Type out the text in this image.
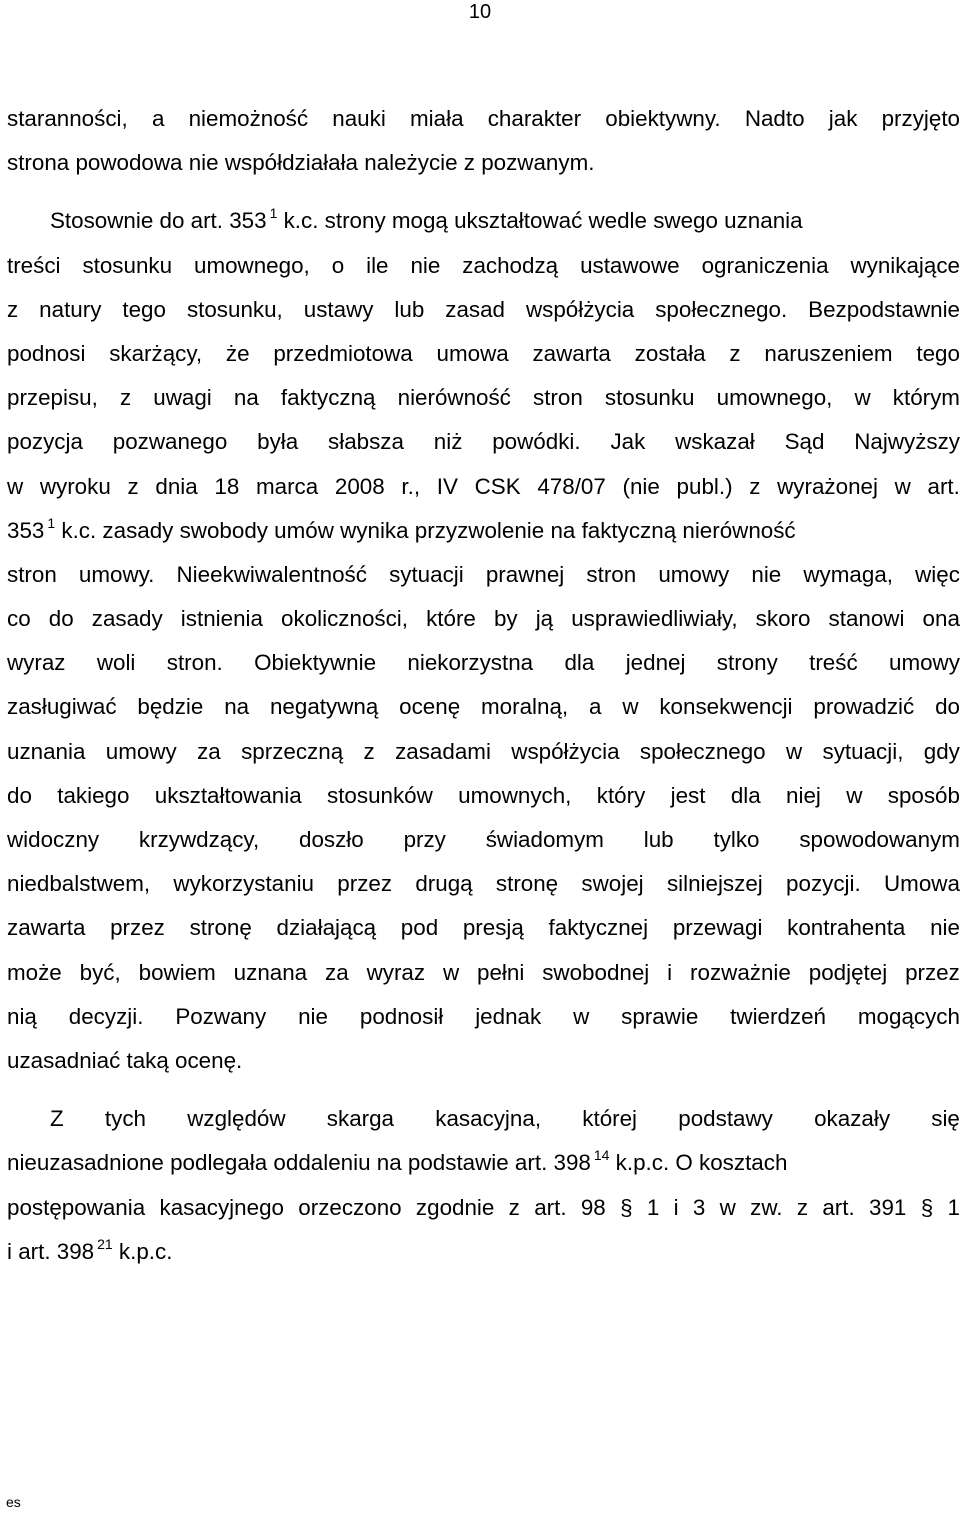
10
staranności, a niemożność nauki miała charakter obiektywny. Nadto jak przyjęto
strona powodowa nie współdziałała należycie z pozwanym.
Stosownie do art. 353 $^1$ k.c. strony mogą ukształtować wedle swego uznania
treści stosunku umownego, o ile nie zachodzą ustawowe ograniczenia wynikające
z natury tego stosunku, ustawy lub zasad współżycia społecznego. Bezpodstawnie
podnosi skarżący, że przedmiotowa umowa zawarta została z naruszeniem tego
przepisu, z uwagi na faktyczną nierówność stron stosunku umownego, w którym
pozycja pozwanego była słabsza niż powódki. Jak wskazał Sąd Najwyższy
w wyroku z dnia 18 marca 2008 r., IV CSK 478/07 (nie publ.) z wyrażonej w art.
353 $^1$ k.c. zasady swobody umów wynika przyzwolenie na faktyczną nierówność
stron umowy. Nieekwiwalentność sytuacji prawnej stron umowy nie wymaga, więc
co do zasady istnienia okoliczności, które by ją usprawiedliwiały, skoro stanowi ona
wyraz woli stron. Obiektywnie niekorzystna dla jednej strony treść umowy
zasługiwać będzie na negatywną ocenę moralną, a w konsekwencji prowadzić do
uznania umowy za sprzeczną z zasadami współżycia społecznego w sytuacji, gdy
do takiego ukształtowania stosunków umownych, który jest dla niej w sposób
widoczny krzywdzący, doszło przy świadomym lub tylko spowodowanym
niedbalstwem, wykorzystaniu przez drugą stronę swojej silniejszej pozycji. Umowa
zawarta przez stronę działającą pod presją faktycznej przewagi kontrahenta nie
może być, bowiem uznana za wyraz w pełni swobodnej i rozważnie podjętej przez
nią decyzji. Pozwany nie podnosił jednak w sprawie twierdzeń mogących
uzasadniać taką ocenę.
Z tych względów skarga kasacyjna, której podstawy okazały się
nieuzasadnione podlegała oddaleniu na podstawie art. 398 $^{14}$ k.p.c. O kosztach
postępowania kasacyjnego orzeczono zgodnie z art. 98 § 1 i 3 w zw. z art. 391 § 1
i art. 398 $^{21}$ k.p.c.
es
